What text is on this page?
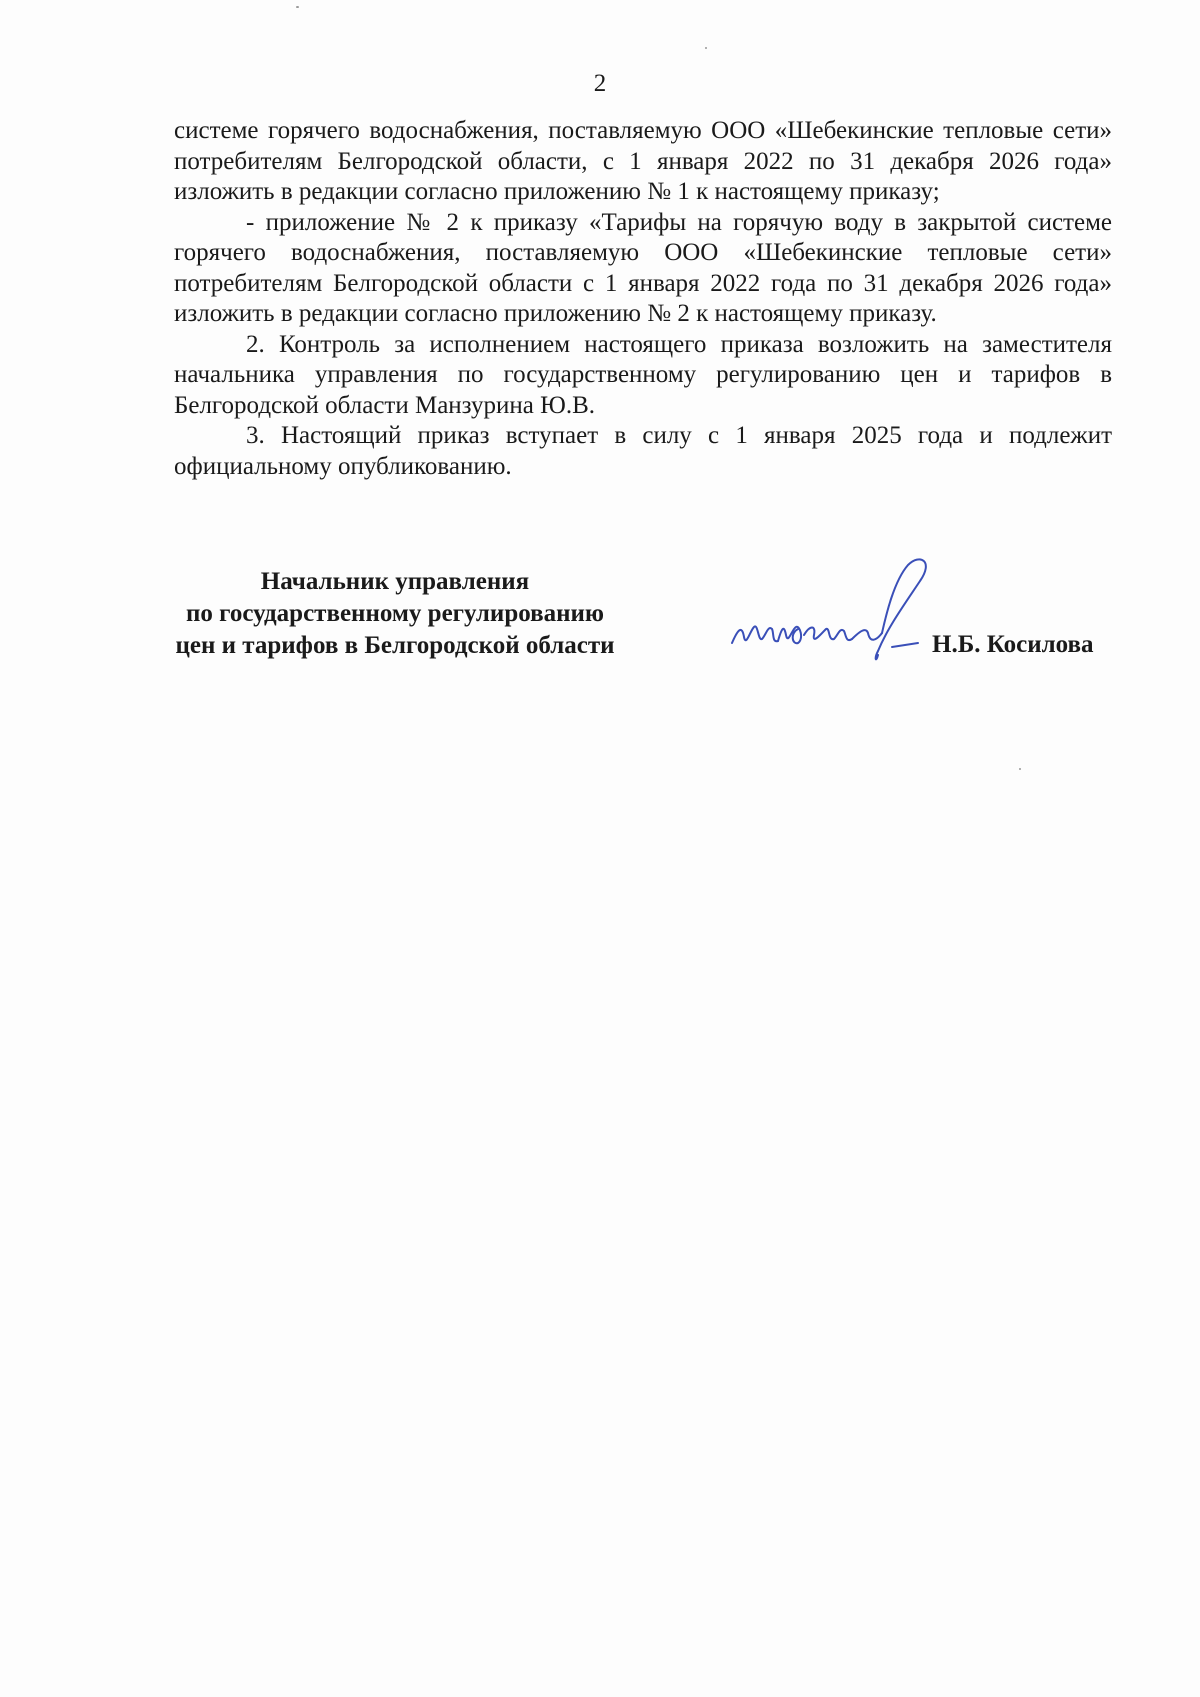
2

системе горячего водоснабжения, поставляемую ООО «Шебекинские тепловые сети» потребителям Белгородской области, с 1 января 2022 по 31 декабря 2026 года» изложить в редакции согласно приложению № 1 к настоящему приказу;

- приложение № 2 к приказу «Тарифы на горячую воду в закрытой системе горячего водоснабжения, поставляемую ООО «Шебекинские тепловые сети» потребителям Белгородской области с 1 января 2022 года по 31 декабря 2026 года» изложить в редакции согласно приложению № 2 к настоящему приказу.

2. Контроль за исполнением настоящего приказа возложить на заместителя начальника управления по государственному регулированию цен и тарифов в Белгородской области Манзурина Ю.В.

3. Настоящий приказ вступает в силу с 1 января 2025 года и подлежит официальному опубликованию.

Начальник управления
по государственному регулированию
цен и тарифов в Белгородской области	Н.Б. Косилова
